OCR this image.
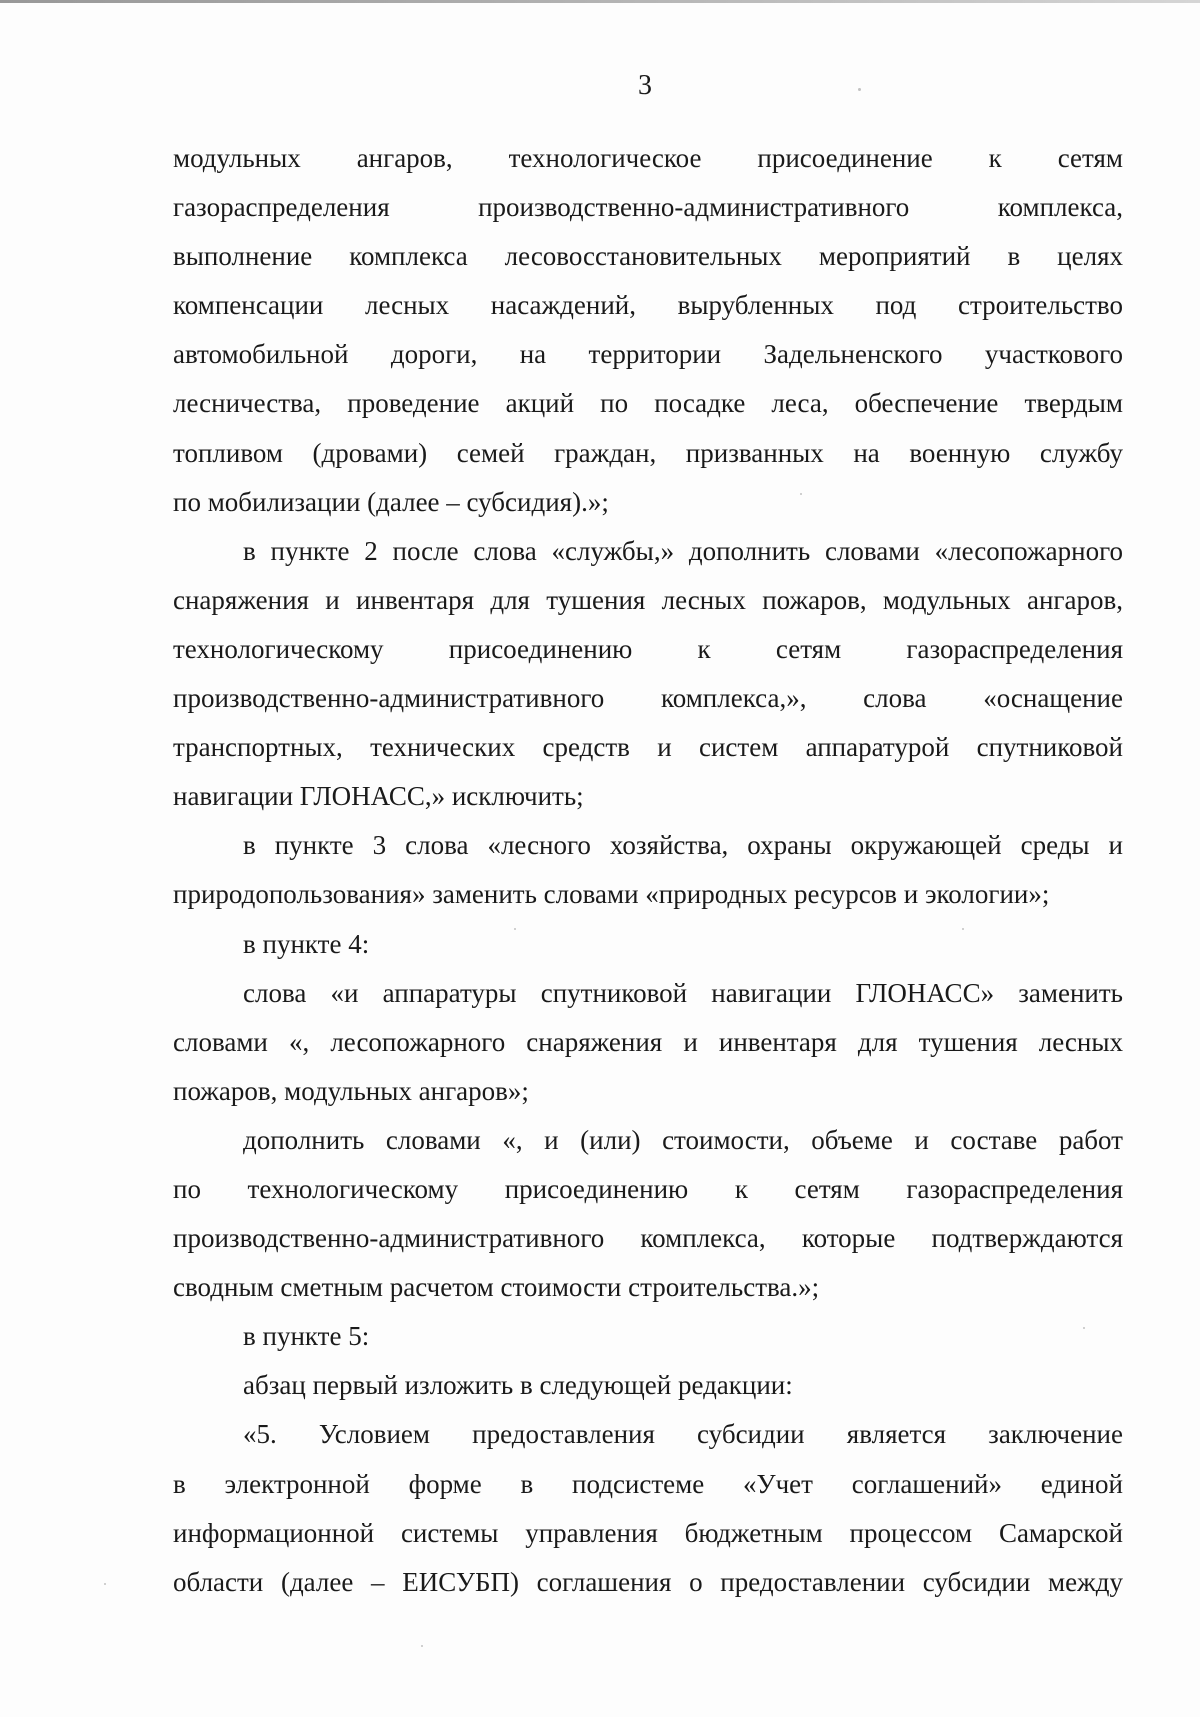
3
модульных ангаров, технологическое присоединение к сетям
газораспределения производственно-административного комплекса,
выполнение комплекса лесовосстановительных мероприятий в целях
компенсации лесных насаждений, вырубленных под строительство
автомобильной дороги, на территории Задельненского участкового
лесничества, проведение акций по посадке леса, обеспечение твердым
топливом (дровами) семей граждан, призванных на военную службу
по мобилизации (далее – субсидия).»;
в пункте 2 после слова «службы,» дополнить словами «лесопожарного
снаряжения и инвентаря для тушения лесных пожаров, модульных ангаров,
технологическому присоединению к сетям газораспределения
производственно-административного комплекса,», слова «оснащение
транспортных, технических средств и систем аппаратурой спутниковой
навигации ГЛОНАСС,» исключить;
в пункте 3 слова «лесного хозяйства, охраны окружающей среды и
природопользования» заменить словами «природных ресурсов и экологии»;
в пункте 4:
слова «и аппаратуры спутниковой навигации ГЛОНАСС» заменить
словами «, лесопожарного снаряжения и инвентаря для тушения лесных
пожаров, модульных ангаров»;
дополнить словами «, и (или) стоимости, объеме и составе работ
по технологическому присоединению к сетям газораспределения
производственно-административного комплекса, которые подтверждаются
сводным сметным расчетом стоимости строительства.»;
в пункте 5:
абзац первый изложить в следующей редакции:
«5. Условием предоставления субсидии является заключение
в электронной форме в подсистеме «Учет соглашений» единой
информационной системы управления бюджетным процессом Самарской
области (далее – ЕИСУБП) соглашения о предоставлении субсидии между
